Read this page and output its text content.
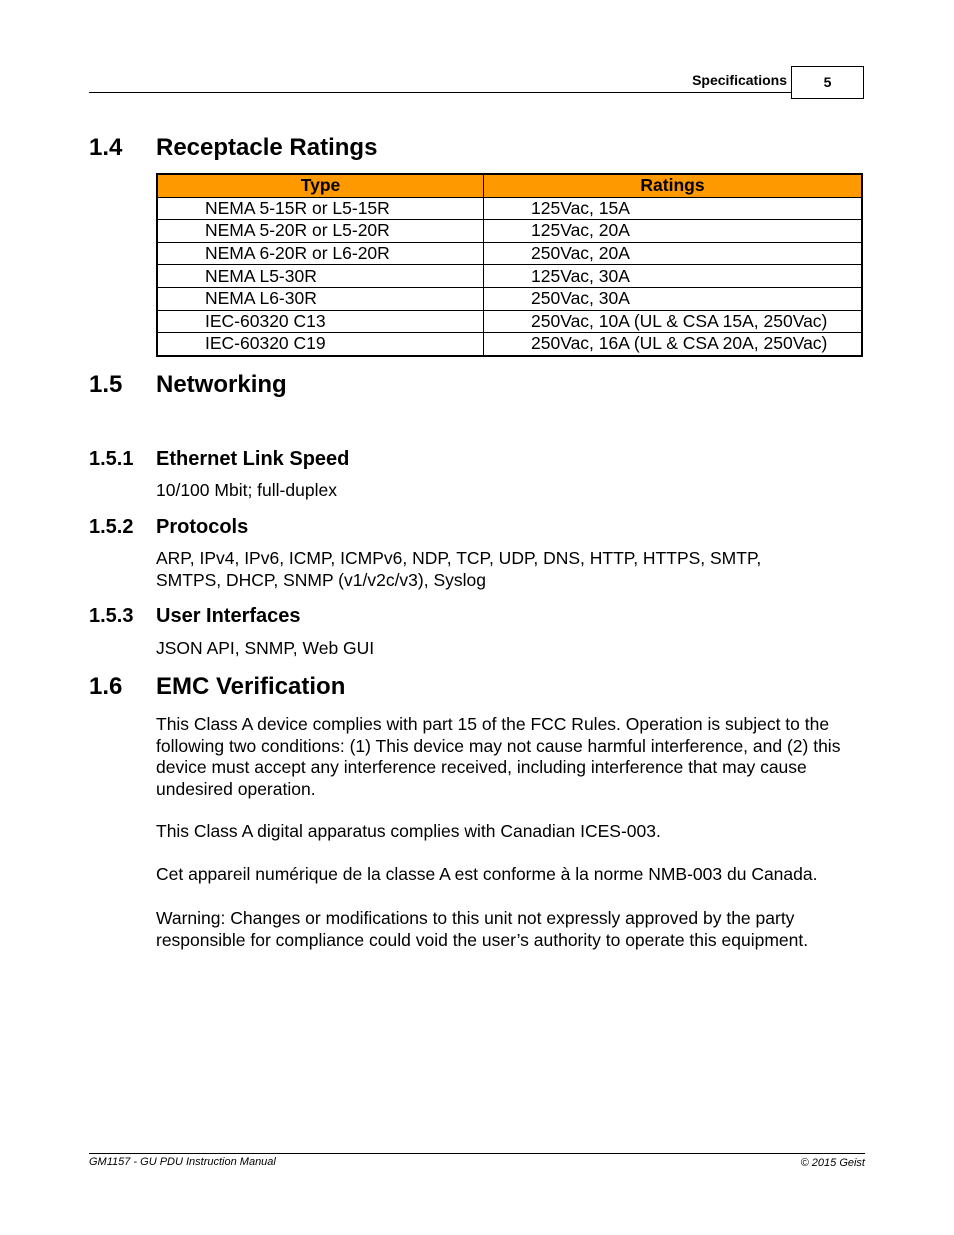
Specifications	5
1.4 Receptacle Ratings
Type	Ratings
NEMA 5-15R or L5-15R	125Vac, 15A
NEMA 5-20R or L5-20R	125Vac, 20A
NEMA 6-20R or L6-20R	250Vac, 20A
NEMA L5-30R	125Vac, 30A
NEMA L6-30R	250Vac, 30A
IEC-60320 C13	250Vac, 10A (UL & CSA 15A, 250Vac)
IEC-60320 C19	250Vac, 16A (UL & CSA 20A, 250Vac)
1.5 Networking
1.5.1 Ethernet Link Speed
10/100 Mbit; full-duplex
1.5.2 Protocols
ARP, IPv4, IPv6, ICMP, ICMPv6, NDP, TCP, UDP, DNS, HTTP, HTTPS, SMTP,
SMTPS, DHCP, SNMP (v1/v2c/v3), Syslog
1.5.3 User Interfaces
JSON API, SNMP, Web GUI
1.6 EMC Verification
This Class A device complies with part 15 of the FCC Rules. Operation is subject to the following two conditions: (1) This device may not cause harmful interference, and (2) this device must accept any interference received, including interference that may cause undesired operation.
This Class A digital apparatus complies with Canadian ICES-003.
Cet appareil numérique de la classe A est conforme à la norme NMB-003 du Canada.
Warning: Changes or modifications to this unit not expressly approved by the party responsible for compliance could void the user’s authority to operate this equipment.
GM1157 - GU PDU Instruction Manual	© 2015 Geist
